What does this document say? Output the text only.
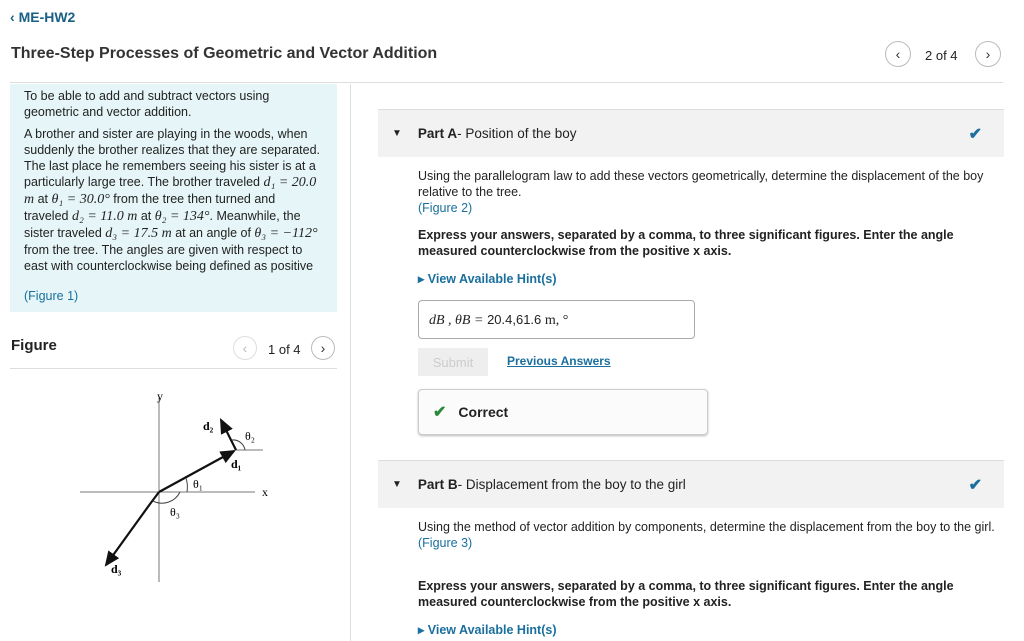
‹ ME-HW2
Three-Step Processes of Geometric and Vector Addition	‹ 2 of 4 ›

To be able to add and subtract vectors using geometric and vector addition.

A brother and sister are playing in the woods, when suddenly the brother realizes that they are separated. The last place he remembers seeing his sister is at a particularly large tree. The brother traveled d₁ = 20.0 m at θ₁ = 30.0° from the tree then turned and traveled d₂ = 11.0 m at θ₂ = 134°. Meanwhile, the sister traveled d₃ = 17.5 m at an angle of θ₃ = −112° from the tree. The angles are given with respect to east with counterclockwise being defined as positive

(Figure 1)

Figure	‹ 1 of 4 ›
y
x
d₂
θ₂
d₁
θ₁
θ₃
d₃
▼ Part A - Position of the boy	✔
Using the parallelogram law to add these vectors geometrically, determine the displacement of the boy relative to the tree.
(Figure 2)
Express your answers, separated by a comma, to three significant figures. Enter the angle measured counterclockwise from the positive x axis.
▸ View Available Hint(s)
dB , θB = 20.4,61.6 m, °
Submit	Previous Answers
✔ Correct
▼ Part B - Displacement from the boy to the girl	✔
Using the method of vector addition by components, determine the displacement from the boy to the girl.
(Figure 3)
Express your answers, separated by a comma, to three significant figures. Enter the angle measured counterclockwise from the positive x axis.
▸ View Available Hint(s)
